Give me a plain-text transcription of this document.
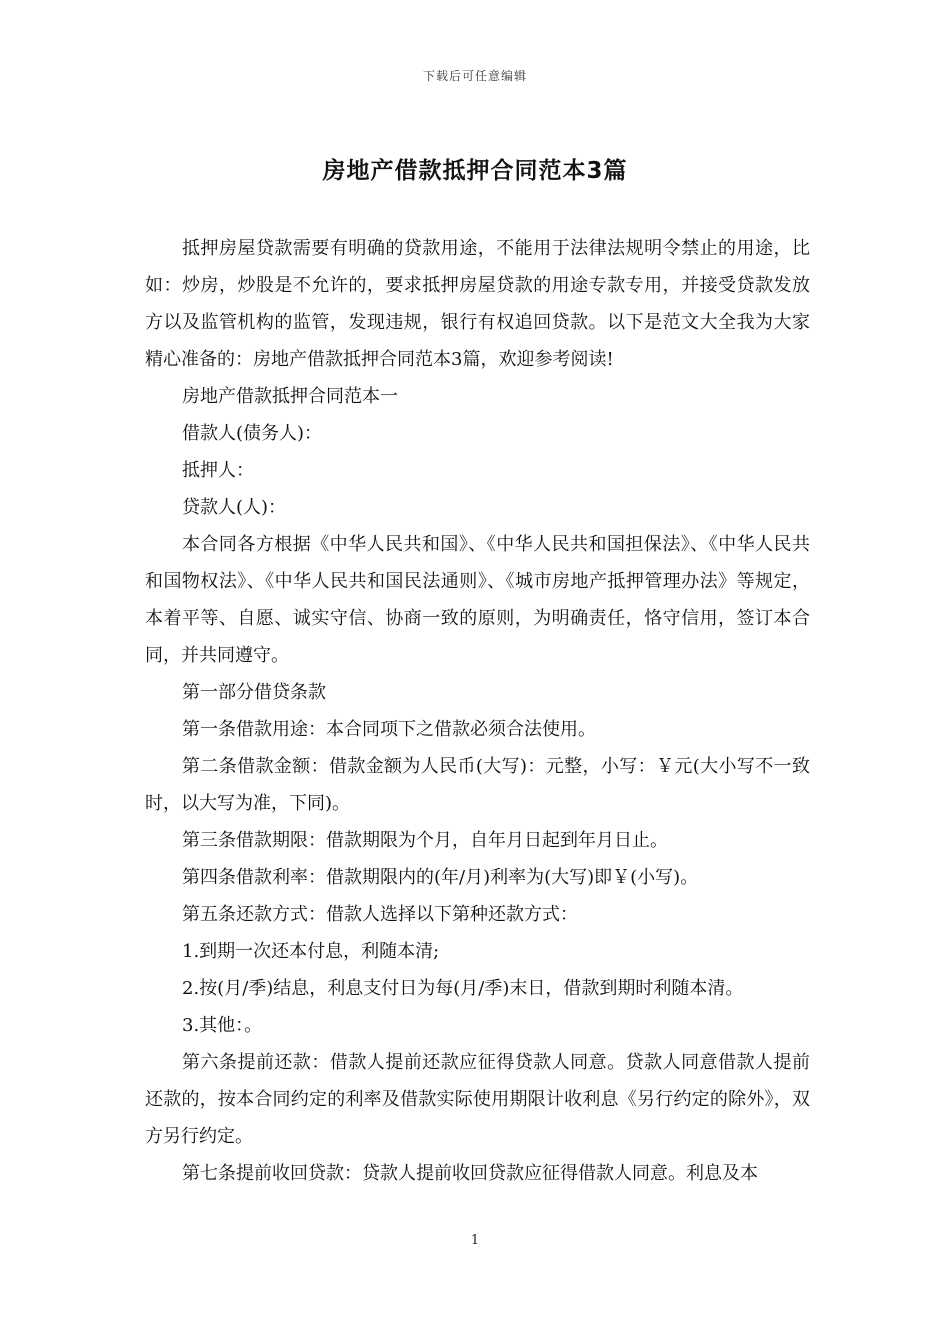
下载后可任意编辑
房地产借款抵押合同范本3篇

抵押房屋贷款需要有明确的贷款用途，不能用于法律法规明令禁止的用途，比如：炒房，炒股是不允许的，要求抵押房屋贷款的用途专款专用，并接受贷款发放方以及监管机构的监管，发现违规，银行有权追回贷款。以下是范文大全我为大家精心准备的：房地产借款抵押合同范本3篇，欢迎参考阅读!

房地产借款抵押合同范本一

借款人(债务人)：

抵押人：

贷款人(人)：

本合同各方根据《中华人民共和国》、《中华人民共和国担保法》、《中华人民共和国物权法》、《中华人民共和国民法通则》、《城市房地产抵押管理办法》等规定，本着平等、自愿、诚实守信、协商一致的原则，为明确责任，恪守信用，签订本合同，并共同遵守。

第一部分借贷条款

第一条借款用途：本合同项下之借款必须合法使用。

第二条借款金额：借款金额为人民币(大写)：元整，小写：￥元(大小写不一致时，以大写为准，下同)。

第三条借款期限：借款期限为个月，自年月日起到年月日止。

第四条借款利率：借款期限内的(年/月)利率为(大写)即￥(小写)。

第五条还款方式：借款人选择以下第种还款方式：

1.到期一次还本付息，利随本清;

2.按(月/季)结息，利息支付日为每(月/季)末日，借款到期时利随本清。

3.其他：。

第六条提前还款：借款人提前还款应征得贷款人同意。贷款人同意借款人提前还款的，按本合同约定的利率及借款实际使用期限计收利息《另行约定的除外》，双方另行约定。

第七条提前收回贷款：贷款人提前收回贷款应征得借款人同意。利息及本

1
